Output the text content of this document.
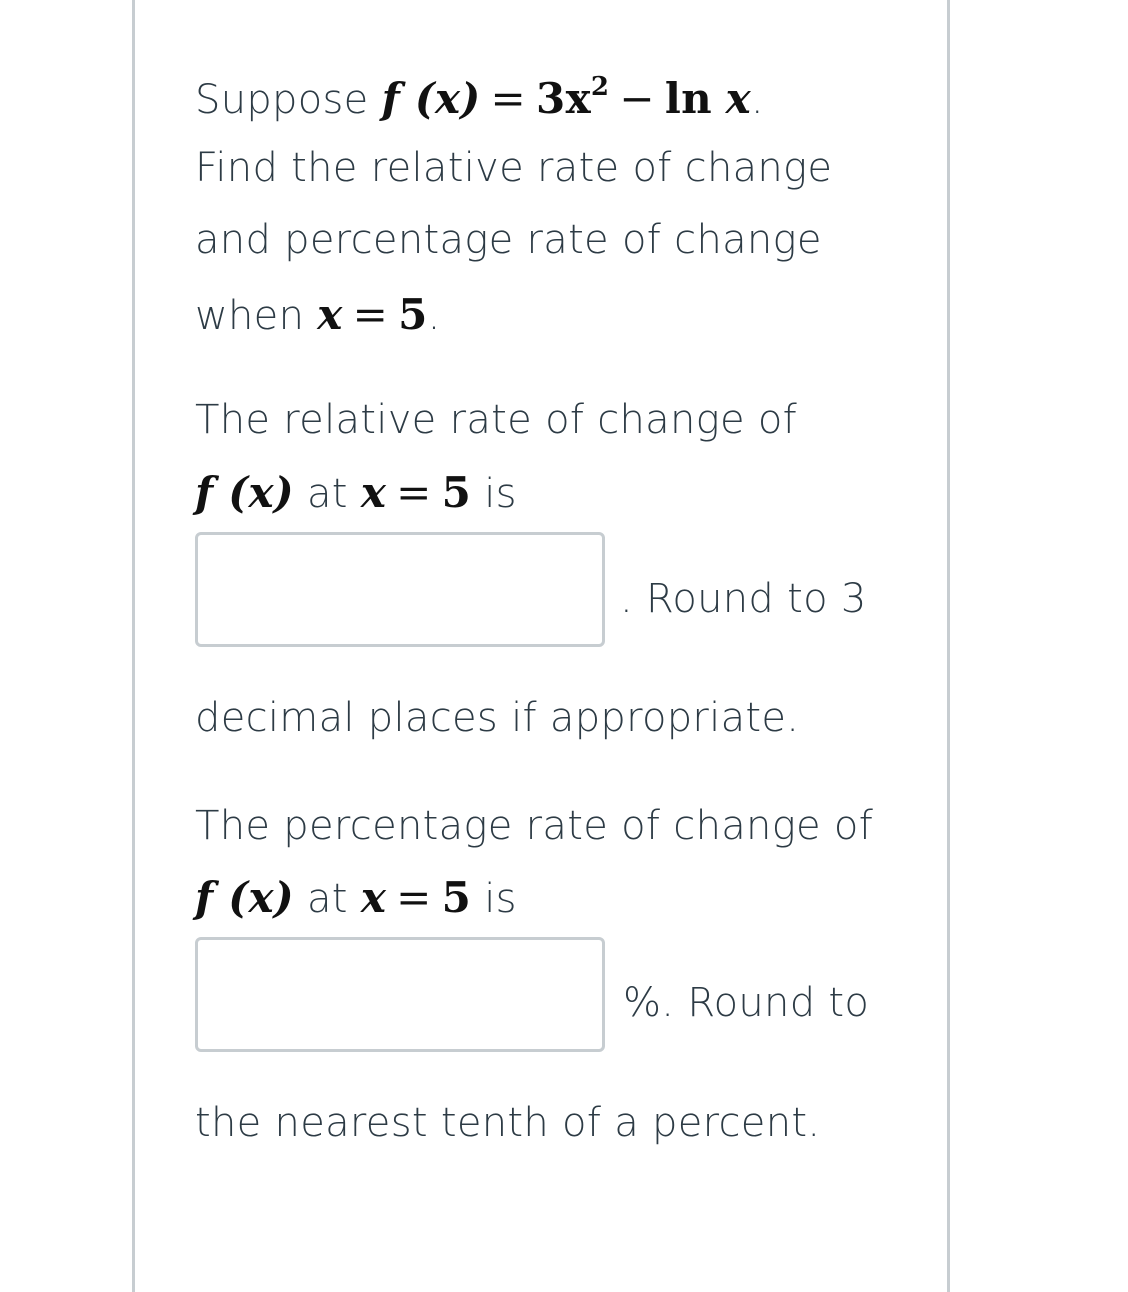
Suppose f $(x) = 3x^2 - \ln x$.
Find the relative rate of change
and percentage rate of change
when x = 5.
The relative rate of change of
f (x) at x = 5 is
. Round to 3
decimal places if appropriate.
The percentage rate of change of
f (x) at x = 5 is
%. Round to
the nearest tenth of a percent.
